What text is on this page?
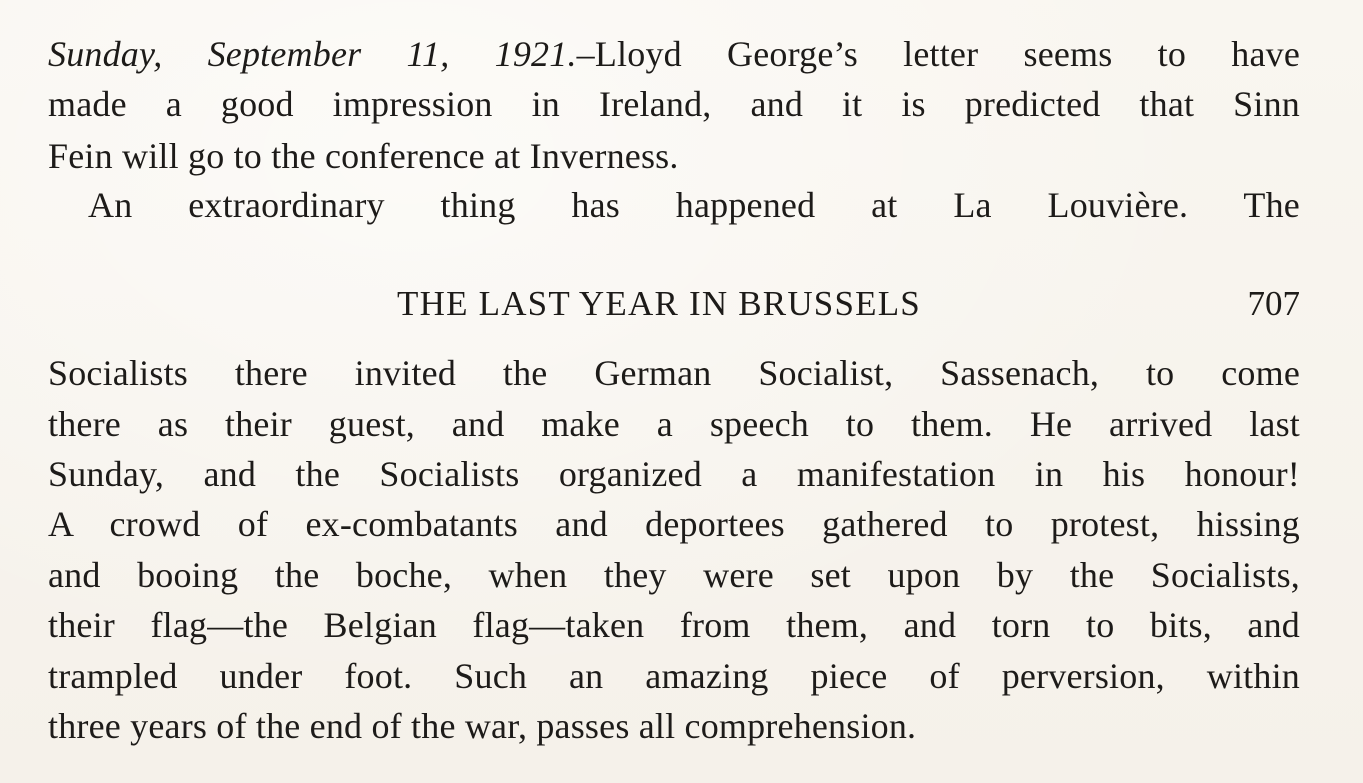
Sunday, September 11, 1921.–Lloyd George’s letter seems to have
made a good impression in Ireland, and it is predicted that Sinn
Fein will go to the conference at Inverness.
An extraordinary thing has happened at La Louvière. The
THE LAST YEAR IN BRUSSELS	707
Socialists there invited the German Socialist, Sassenach, to come
there as their guest, and make a speech to them. He arrived last
Sunday, and the Socialists organized a manifestation in his honour!
A crowd of ex-combatants and deportees gathered to protest, hissing
and booing the boche, when they were set upon by the Socialists,
their flag—the Belgian flag—taken from them, and torn to bits, and
trampled under foot. Such an amazing piece of perversion, within
three years of the end of the war, passes all comprehension.
